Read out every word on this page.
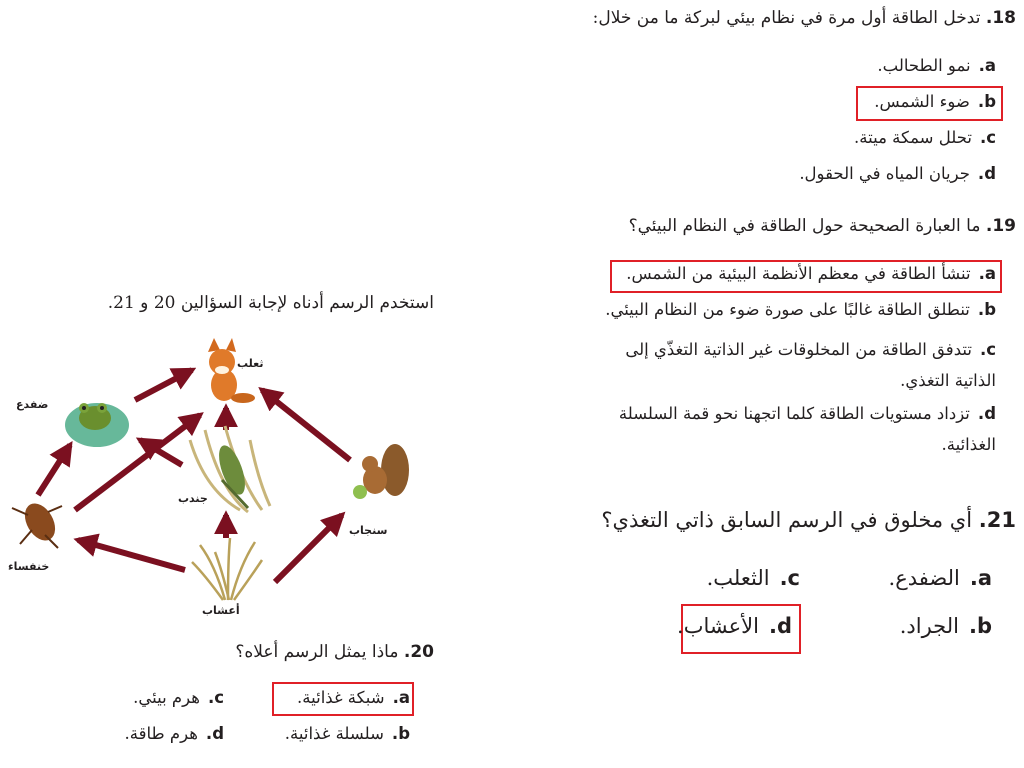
18. تدخل الطاقة أول مرة في نظام بيئي لبركة ما من خلال:
a.نمو الطحالب.
b.ضوء الشمس.
c.تحلل سمكة ميتة.
d.جريان المياه في الحقول.
19. ما العبارة الصحيحة حول الطاقة في النظام البيئي؟
a.تنشأ الطاقة في معظم الأنظمة البيئية من الشمس.
b.تنطلق الطاقة غالبًا على صورة ضوء من النظام البيئي.
c.تتدفق الطاقة من المخلوقات غير الذاتية التغذّي إلى الذاتية التغذي.
d.تزداد مستويات الطاقة كلما اتجهنا نحو قمة السلسلة الغذائية.
21. أي مخلوق في الرسم السابق ذاتي التغذي؟
a.الضفدع.
c.الثعلب.
b.الجراد.
d.الأعشاب.
استخدم الرسم أدناه لإجابة السؤالين 20 و 21.
ثعلب
ضفدع
جندب
سنجاب
خنفساء
أعشاب
20. ماذا يمثل الرسم أعلاه؟
a.شبكة غذائية.
c.هرم بيئي.
b.سلسلة غذائية.
d.هرم طاقة.
